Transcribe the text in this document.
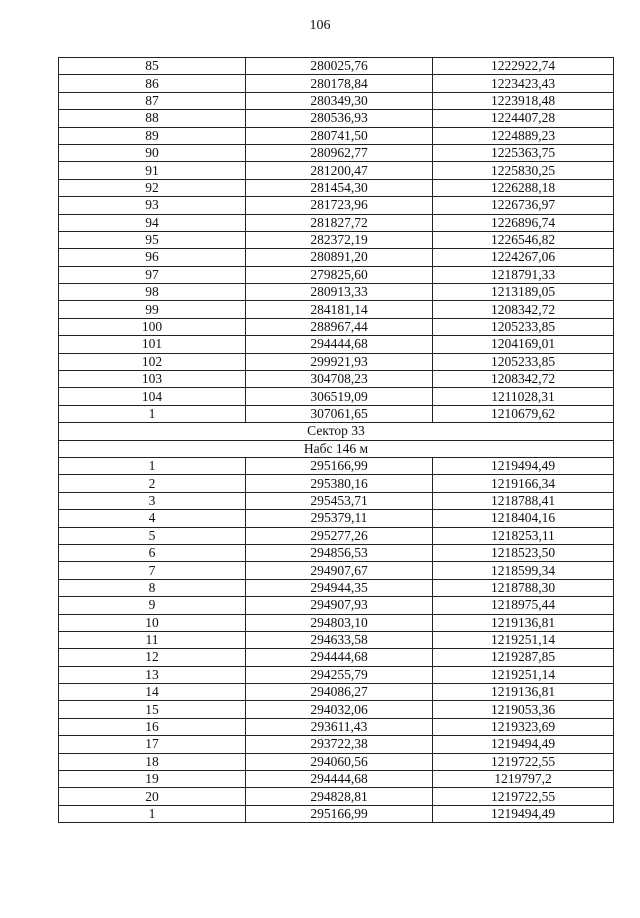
106
85	280025,76	1222922,74
86	280178,84	1223423,43
87	280349,30	1223918,48
88	280536,93	1224407,28
89	280741,50	1224889,23
90	280962,77	1225363,75
91	281200,47	1225830,25
92	281454,30	1226288,18
93	281723,96	1226736,97
94	281827,72	1226896,74
95	282372,19	1226546,82
96	280891,20	1224267,06
97	279825,60	1218791,33
98	280913,33	1213189,05
99	284181,14	1208342,72
100	288967,44	1205233,85
101	294444,68	1204169,01
102	299921,93	1205233,85
103	304708,23	1208342,72
104	306519,09	1211028,31
1	307061,65	1210679,62
Сектор 33		
Набс 146 м		
1	295166,99	1219494,49
2	295380,16	1219166,34
3	295453,71	1218788,41
4	295379,11	1218404,16
5	295277,26	1218253,11
6	294856,53	1218523,50
7	294907,67	1218599,34
8	294944,35	1218788,30
9	294907,93	1218975,44
10	294803,10	1219136,81
11	294633,58	1219251,14
12	294444,68	1219287,85
13	294255,79	1219251,14
14	294086,27	1219136,81
15	294032,06	1219053,36
16	293611,43	1219323,69
17	293722,38	1219494,49
18	294060,56	1219722,55
19	294444,68	1219797,2
20	294828,81	1219722,55
1	295166,99	1219494,49
